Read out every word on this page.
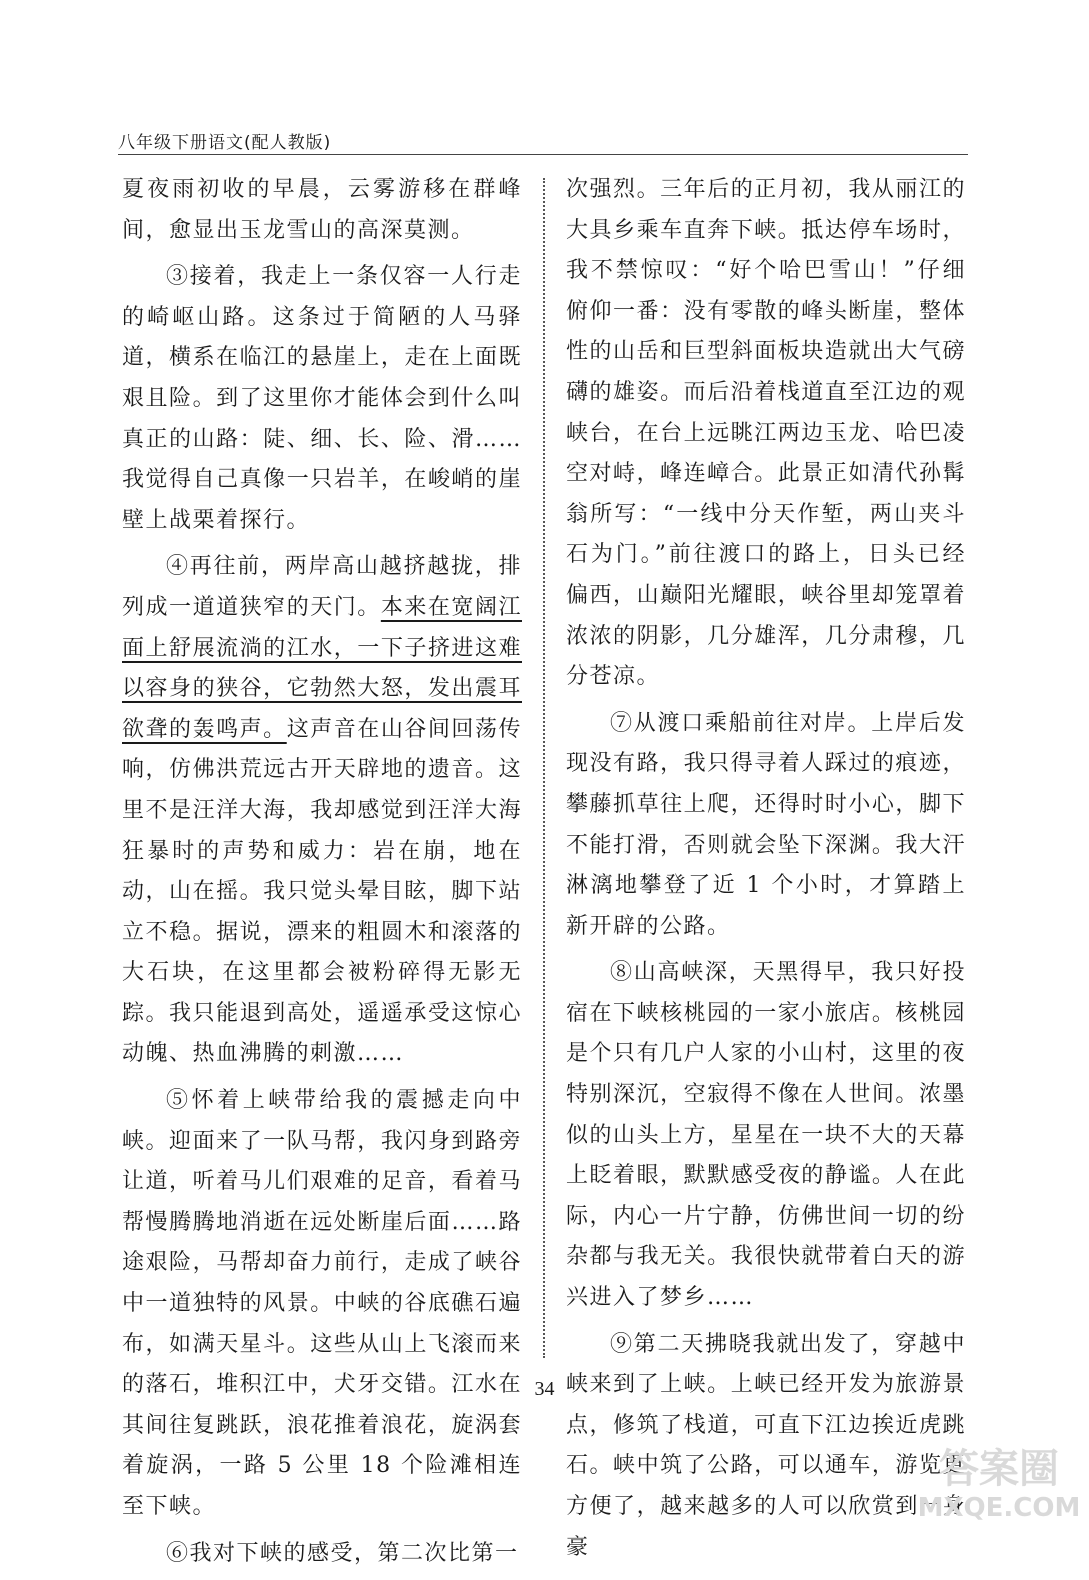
八年级下册语文(配人教版)

夏夜雨初收的早晨，云雾游移在群峰间，愈显出玉龙雪山的高深莫测。

③接着，我走上一条仅容一人行走的崎岖山路。这条过于简陋的人马驿道，横系在临江的悬崖上，走在上面既艰且险。到了这里你才能体会到什么叫真正的山路：陡、细、长、险、滑……我觉得自己真像一只岩羊，在峻峭的崖壁上战栗着探行。

④再往前，两岸高山越挤越拢，排列成一道道狭窄的天门。本来在宽阔江面上舒展流淌的江水，一下子挤进这难以容身的狭谷，它勃然大怒，发出震耳欲聋的轰鸣声。这声音在山谷间回荡传响，仿佛洪荒远古开天辟地的遗音。这里不是汪洋大海，我却感觉到汪洋大海狂暴时的声势和威力：岩在崩，地在动，山在摇。我只觉头晕目眩，脚下站立不稳。据说，漂来的粗圆木和滚落的大石块，在这里都会被粉碎得无影无踪。我只能退到高处，遥遥承受这惊心动魄、热血沸腾的刺激……

⑤怀着上峡带给我的震撼走向中峡。迎面来了一队马帮，我闪身到路旁让道，听着马儿们艰难的足音，看着马帮慢腾腾地消逝在远处断崖后面……路途艰险，马帮却奋力前行，走成了峡谷中一道独特的风景。中峡的谷底礁石遍布，如满天星斗。这些从山上飞滚而来的落石，堆积江中，犬牙交错。江水在其间往复跳跃，浪花推着浪花，旋涡套着旋涡，一路 5 公里 18 个险滩相连至下峡。

⑥我对下峡的感受，第二次比第一

次强烈。三年后的正月初，我从丽江的大具乡乘车直奔下峡。抵达停车场时，我不禁惊叹：“好个哈巴雪山！”仔细俯仰一番：没有零散的峰头断崖，整体性的山岳和巨型斜面板块造就出大气磅礴的雄姿。而后沿着栈道直至江边的观峡台，在台上远眺江两边玉龙、哈巴凌空对峙，峰连嶂合。此景正如清代孙髯翁所写：“一线中分天作堑，两山夹斗石为门。”前往渡口的路上，日头已经偏西，山巅阳光耀眼，峡谷里却笼罩着浓浓的阴影，几分雄浑，几分肃穆，几分苍凉。

⑦从渡口乘船前往对岸。上岸后发现没有路，我只得寻着人踩过的痕迹，攀藤抓草往上爬，还得时时小心，脚下不能打滑，否则就会坠下深渊。我大汗淋漓地攀登了近 1 个小时，才算踏上新开辟的公路。

⑧山高峡深，天黑得早，我只好投宿在下峡核桃园的一家小旅店。核桃园是个只有几户人家的小山村，这里的夜特别深沉，空寂得不像在人世间。浓墨似的山头上方，星星在一块不大的天幕上眨着眼，默默感受夜的静谧。人在此际，内心一片宁静，仿佛世间一切的纷杂都与我无关。我很快就带着白天的游兴进入了梦乡……

⑨第二天拂晓我就出发了，穿越中峡来到了上峡。上峡已经开发为旅游景点，修筑了栈道，可直下江边挨近虎跳石。峡中筑了公路，可以通车，游览更方便了，越来越多的人可以欣赏到一身豪

34
答案圈
MXQE.COM
